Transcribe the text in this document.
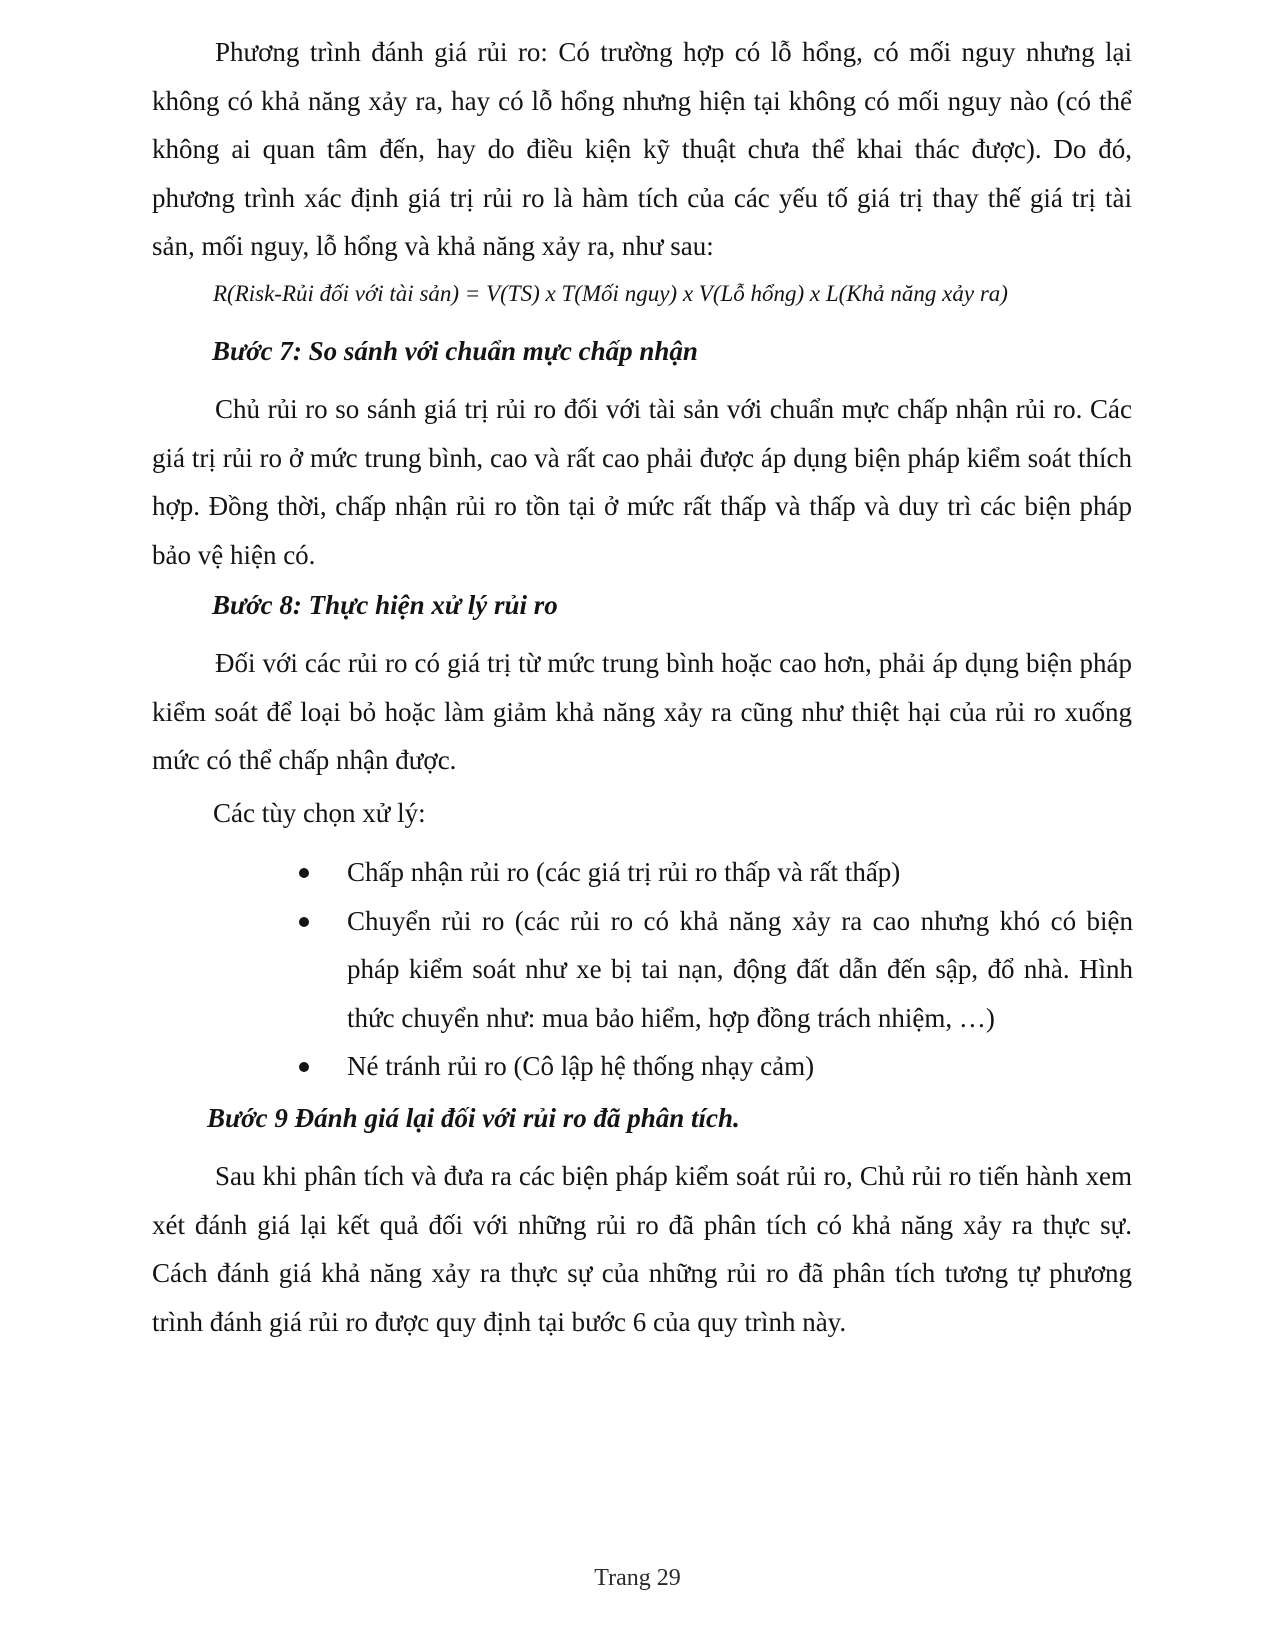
Phương trình đánh giá rủi ro: Có trường hợp có lỗ hổng, có mối nguy nhưng lại không có khả năng xảy ra, hay có lỗ hổng nhưng hiện tại không có mối nguy nào (có thể không ai quan tâm đến, hay do điều kiện kỹ thuật chưa thể khai thác được). Do đó, phương trình xác định giá trị rủi ro là hàm tích của các yếu tố giá trị thay thế giá trị tài sản, mối nguy, lỗ hổng và khả năng xảy ra, như sau:

R(Risk-Rủi đối với tài sản) = V(TS) x T(Mối nguy) x V(Lỗ hổng) x L(Khả năng xảy ra)

Bước 7: So sánh với chuẩn mực chấp nhận

Chủ rủi ro so sánh giá trị rủi ro đối với tài sản với chuẩn mực chấp nhận rủi ro. Các giá trị rủi ro ở mức trung bình, cao và rất cao phải được áp dụng biện pháp kiểm soát thích hợp. Đồng thời, chấp nhận rủi ro tồn tại ở mức rất thấp và thấp và duy trì các biện pháp bảo vệ hiện có.

Bước 8: Thực hiện xử lý rủi ro

Đối với các rủi ro có giá trị từ mức trung bình hoặc cao hơn, phải áp dụng biện pháp kiểm soát để loại bỏ hoặc làm giảm khả năng xảy ra cũng như thiệt hại của rủi ro xuống mức có thể chấp nhận được.

Các tùy chọn xử lý:

Chấp nhận rủi ro (các giá trị rủi ro thấp và rất thấp)
Chuyển rủi ro (các rủi ro có khả năng xảy ra cao nhưng khó có biện pháp kiểm soát như xe bị tai nạn, động đất dẫn đến sập, đổ nhà. Hình thức chuyển như: mua bảo hiểm, hợp đồng trách nhiệm, …)
Né tránh rủi ro (Cô lập hệ thống nhạy cảm)

Bước 9 Đánh giá lại đối với rủi ro đã phân tích.

Sau khi phân tích và đưa ra các biện pháp kiểm soát rủi ro, Chủ rủi ro tiến hành xem xét đánh giá lại kết quả đối với những rủi ro đã phân tích có khả năng xảy ra thực sự. Cách đánh giá khả năng xảy ra thực sự của những rủi ro đã phân tích tương tự phương trình đánh giá rủi ro được quy định tại bước 6 của quy trình này.

Trang 29
